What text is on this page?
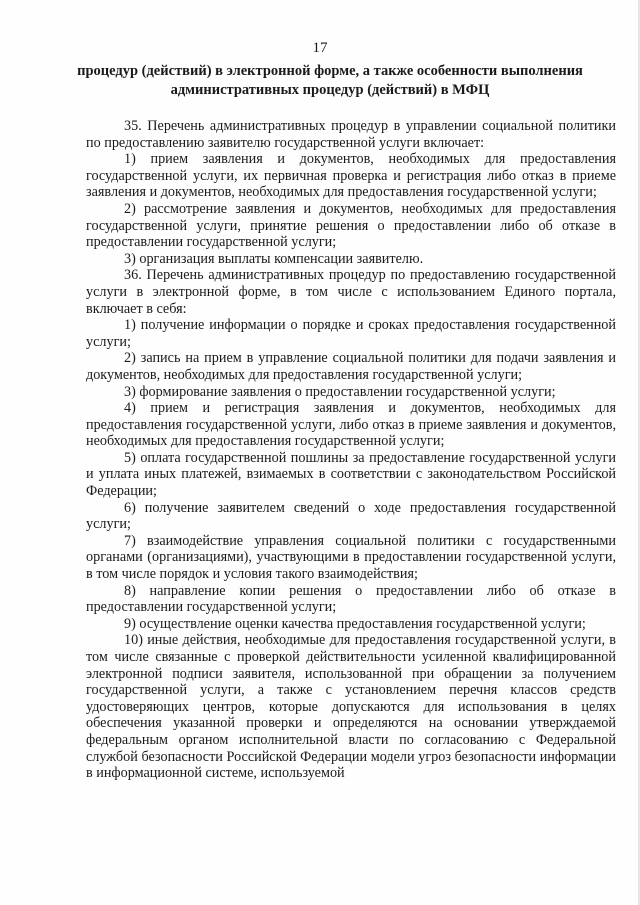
17
процедур (действий) в электронной форме, а также особенности выполнения административных процедур (действий) в МФЦ

35. Перечень административных процедур в управлении социальной политики по предоставлению заявителю государственной услуги включает:

1) прием заявления и документов, необходимых для предоставления государственной услуги, их первичная проверка и регистрация либо отказ в приеме заявления и документов, необходимых для предоставления государственной услуги;

2) рассмотрение заявления и документов, необходимых для предоставления государственной услуги, принятие решения о предоставлении либо об отказе в предоставлении государственной услуги;

3) организация выплаты компенсации заявителю.

36. Перечень административных процедур по предоставлению государственной услуги в электронной форме, в том числе с использованием Единого портала, включает в себя:

1) получение информации о порядке и сроках предоставления государственной услуги;

2) запись на прием в управление социальной политики для подачи заявления и документов, необходимых для предоставления государственной услуги;

3) формирование заявления о предоставлении государственной услуги;

4) прием и регистрация заявления и документов, необходимых для предоставления государственной услуги, либо отказ в приеме заявления и документов, необходимых для предоставления государственной услуги;

5) оплата государственной пошлины за предоставление государственной услуги и уплата иных платежей, взимаемых в соответствии с законодательством Российской Федерации;

6) получение заявителем сведений о ходе предоставления государственной услуги;

7) взаимодействие управления социальной политики с государственными органами (организациями), участвующими в предоставлении государственной услуги, в том числе порядок и условия такого взаимодействия;

8) направление копии решения о предоставлении либо об отказе в предоставлении государственной услуги;

9) осуществление оценки качества предоставления государственной услуги;

10) иные действия, необходимые для предоставления государственной услуги, в том числе связанные с проверкой действительности усиленной квалифицированной электронной подписи заявителя, использованной при обращении за получением государственной услуги, а также с установлением перечня классов средств удостоверяющих центров, которые допускаются для использования в целях обеспечения указанной проверки и определяются на основании утверждаемой федеральным органом исполнительной власти по согласованию с Федеральной службой безопасности Российской Федерации модели угроз безопасности информации в информационной системе, используемой
